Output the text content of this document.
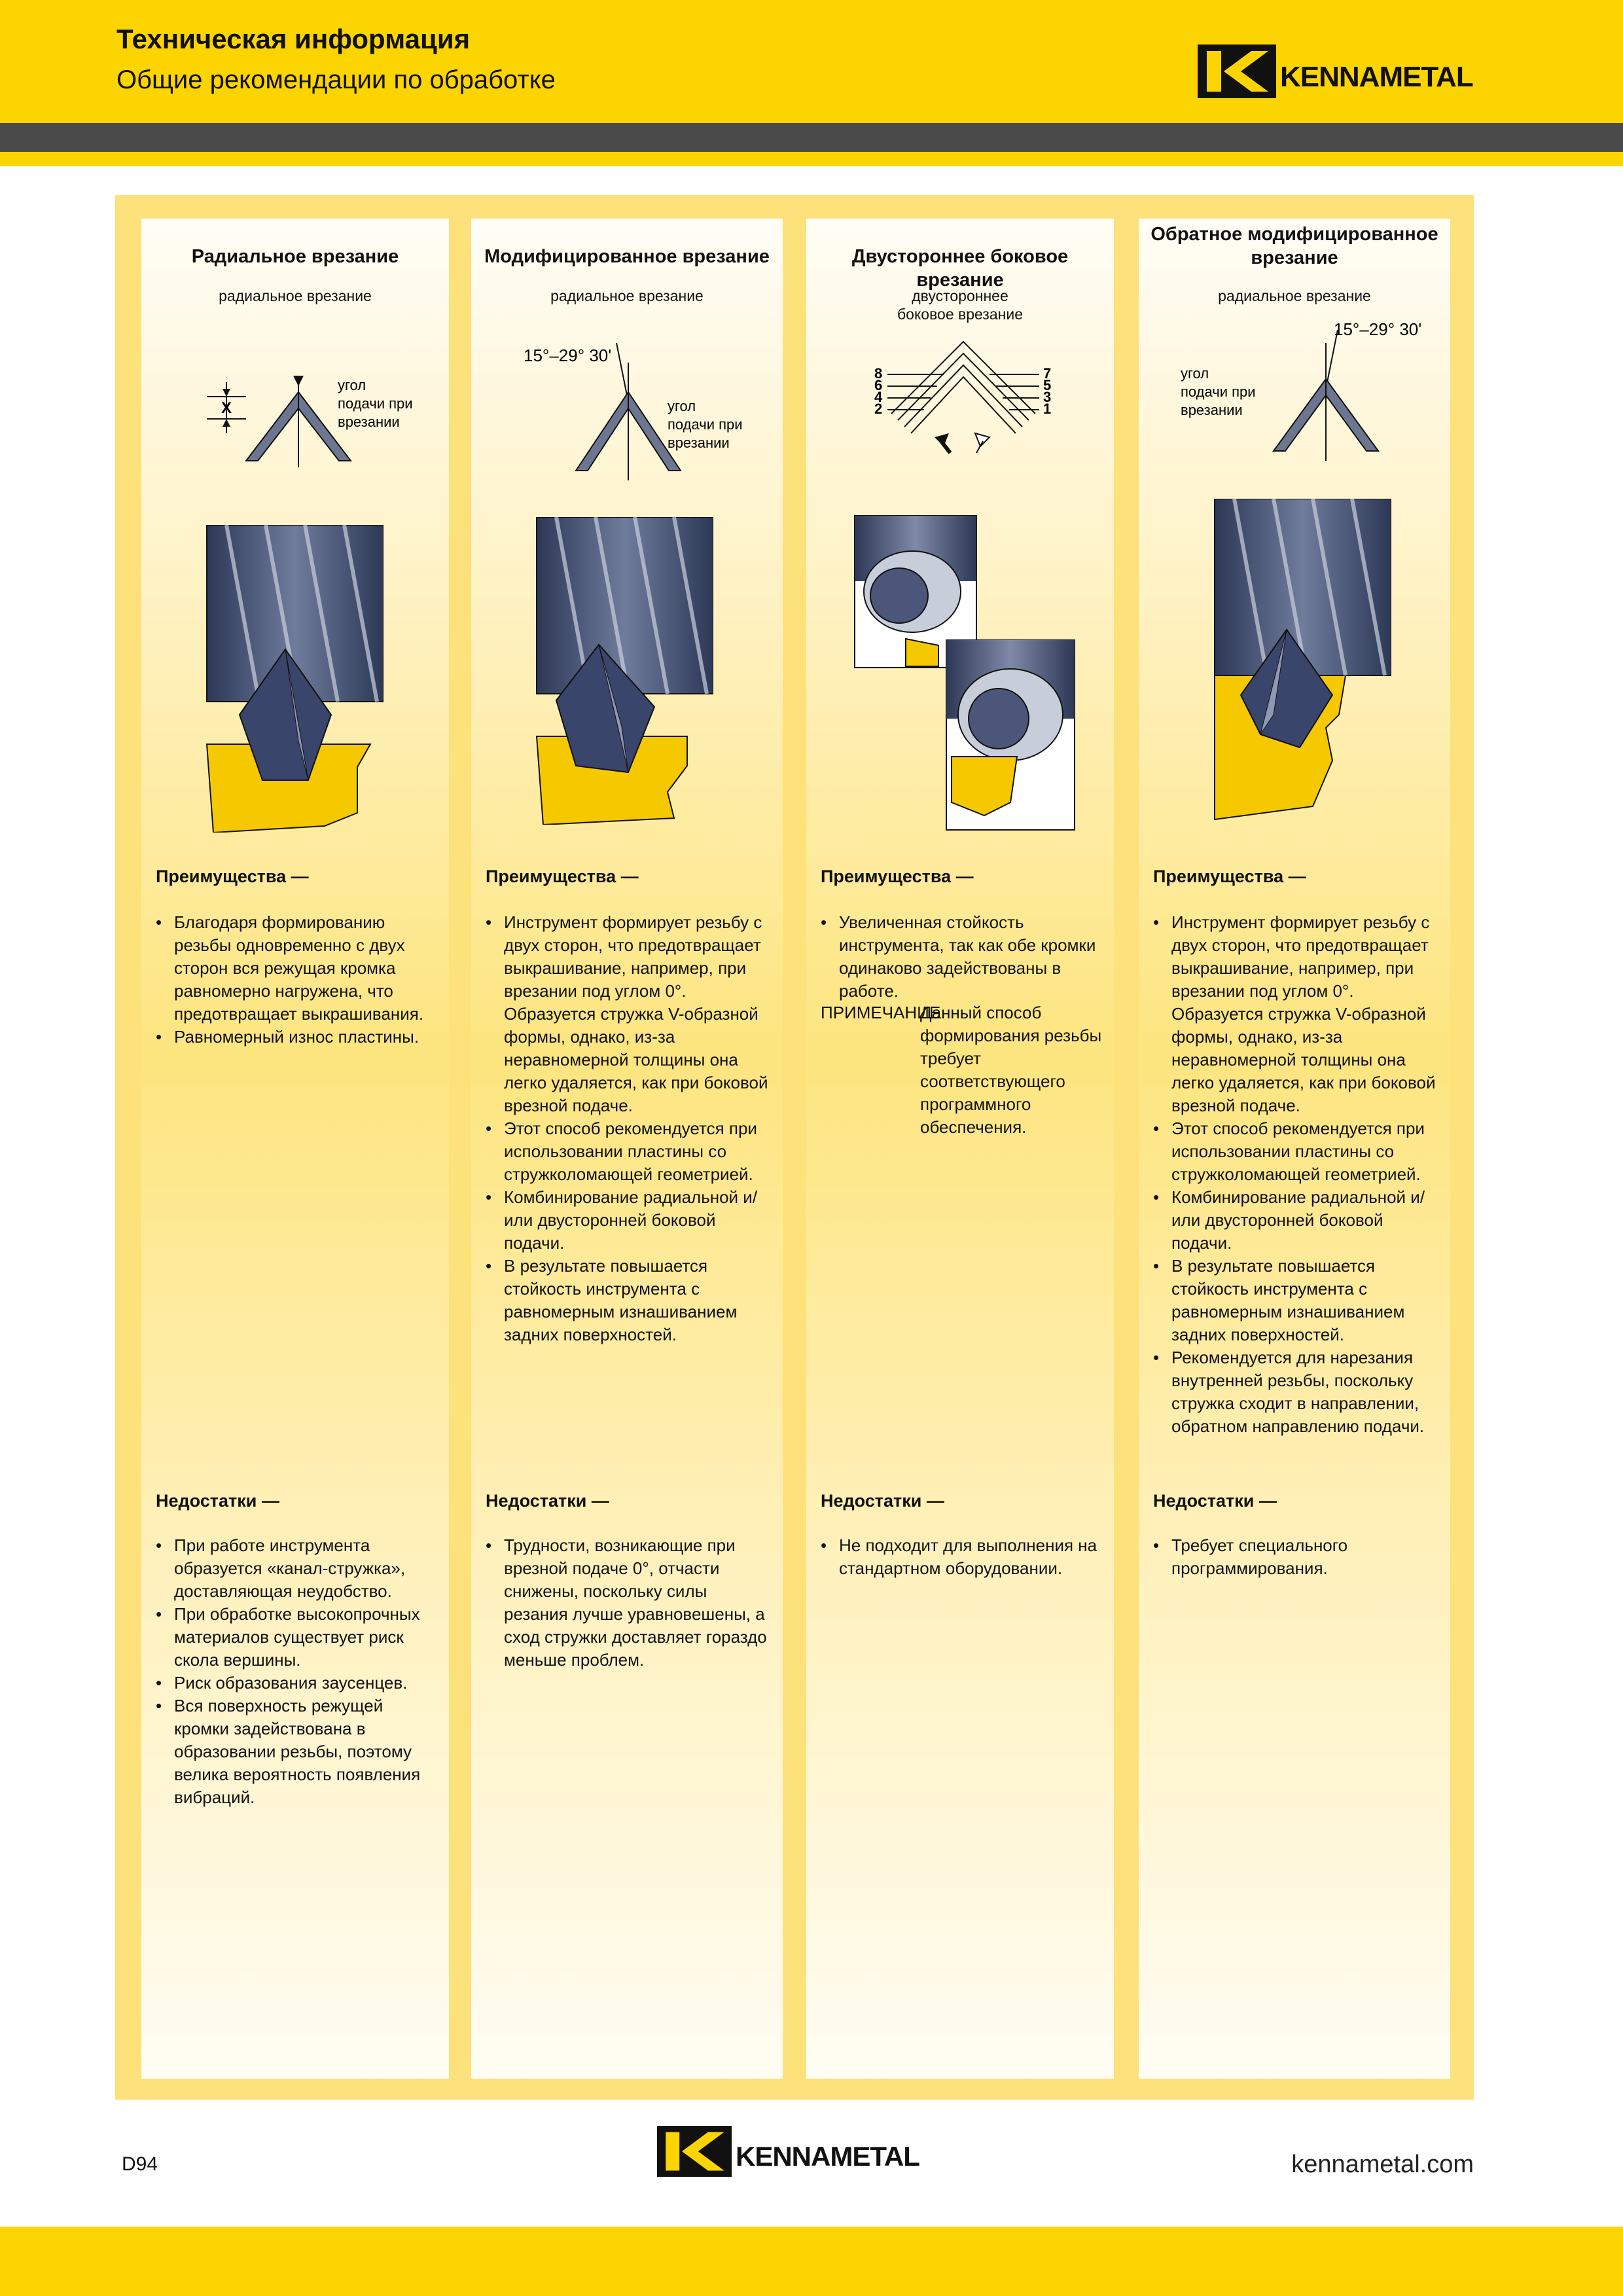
Техническая информация
Общие рекомендации по обработке	KENNAMETAL
Радиальное врезание
радиальное врезание
X
угол
подачи при
врезании
Преимущества —
• Благодаря формированию резьбы одновременно с двух сторон вся режущая кромка равномерно нагружена, что предотвращает выкрашивания.
• Равномерный износ пластины.
Недостатки —
• При работе инструмента образуется «канал-стружка», доставляющая неудобство.
• При обработке высокопрочных материалов существует риск скола вершины.
• Риск образования заусенцев.
• Вся поверхность режущей кромки задействована в образовании резьбы, поэтому велика вероятность появления вибраций.
Модифицированное врезание
радиальное врезание
15°–29° 30'
угол
подачи при
врезании
Преимущества —
• Инструмент формирует резьбу с двух сторон, что предотвращает выкрашивание, например, при врезании под углом 0°. Образуется стружка V-образной формы, однако, из-за неравномерной толщины она легко удаляется, как при боковой врезной подаче.
• Этот способ рекомендуется при использовании пластины со стружколомающей геометрией.
• Комбинирование радиальной и/или двусторонней боковой подачи.
• В результате повышается стойкость инструмента с равномерным изнашиванием задних поверхностей.
Недостатки —
• Трудности, возникающие при врезной подаче 0°, отчасти снижены, поскольку силы резания лучше уравновешены, а сход стружки доставляет гораздо меньше проблем.
Двустороннее боковое врезание
двустороннее
боковое врезание
8
6
4
2
7
5
3
1
Преимущества —
• Увеличенная стойкость инструмента, так как обе кромки одинаково задействованы в работе.
ПРИМЕЧАНИЕ.
Данный способ формирования резьбы требует соответствующего программного обеспечения.
Недостатки —
• Не подходит для выполнения на стандартном оборудовании.
Обратное модифицированное
врезание
радиальное врезание
15°–29° 30'
угол
подачи при
врезании
Преимущества —
• Инструмент формирует резьбу с двух сторон, что предотвращает выкрашивание, например, при врезании под углом 0°. Образуется стружка V-образной формы, однако, из-за неравномерной толщины она легко удаляется, как при боковой врезной подаче.
• Этот способ рекомендуется при использовании пластины со стружколомающей геометрией.
• Комбинирование радиальной и/или двусторонней боковой подачи.
• В результате повышается стойкость инструмента с равномерным изнашиванием задних поверхностей.
• Рекомендуется для нарезания внутренней резьбы, поскольку стружка сходит в направлении, обратном направлению подачи.
Недостатки —
• Требует специального программирования.
D94	KENNAMETAL	kennametal.com
